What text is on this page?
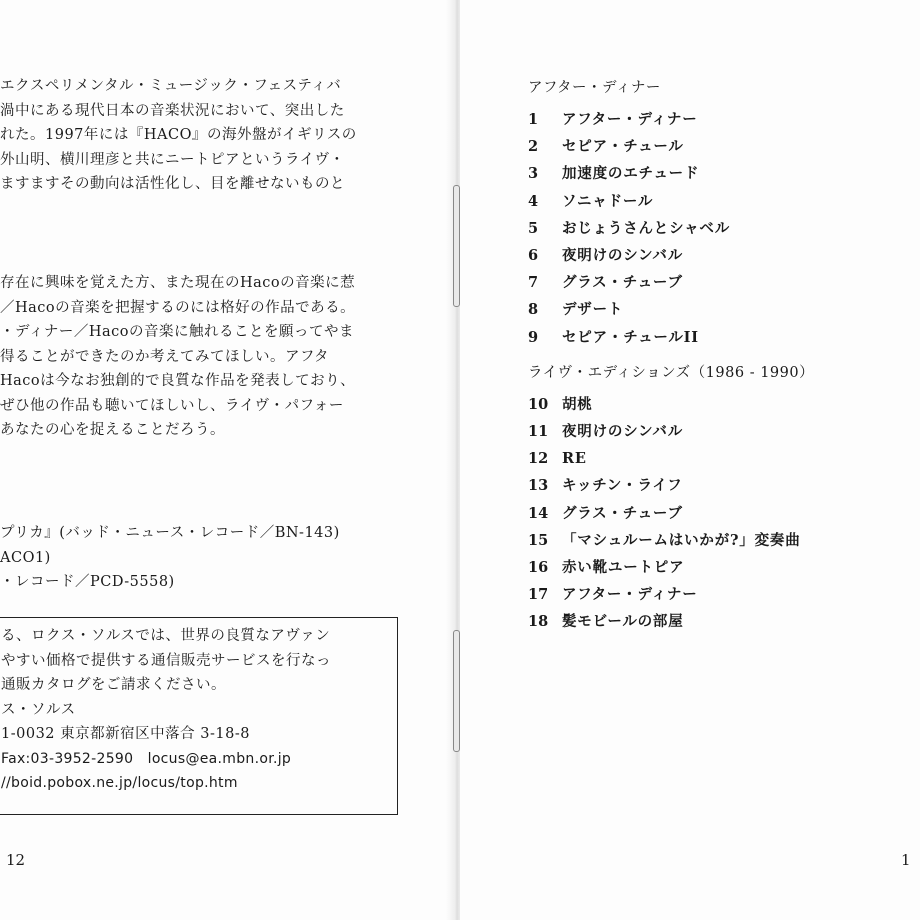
エクスペリメンタル・ミュージック・フェスティバ
渦中にある現代日本の音楽状況において、突出した
れた。1997年には『HACO』の海外盤がイギリスの
外山明、横川理彦と共にニートピアというライヴ・
ますますその動向は活性化し、目を離せないものと
存在に興味を覚えた方、また現在のHacoの音楽に惹
／Hacoの音楽を把握するのには格好の作品である。
・ディナー／Hacoの音楽に触れることを願ってやま
得ることができたのか考えてみてほしい。アフタ
Hacoは今なお独創的で良質な作品を発表しており、
ぜひ他の作品も聴いてほしいし、ライヴ・パフォー
あなたの心を捉えることだろう。
プリカ』(バッド・ニュース・レコード／BN-143)
ACO1)
・レコード／PCD-5558)
る、ロクス・ソルスでは、世界の良質なアヴァン
やすい価格で提供する通信販売サービスを行なっ
通販カタログをご請求ください。
ス・ソルス
1-0032 東京都新宿区中落合 3-18-8
Fax:03-3952-2590　locus@ea.mbn.or.jp
//boid.pobox.ne.jp/locus/top.htm
12
アフター・ディナー
1	アフター・ディナー
2	セピア・チュール
3	加速度のエチュード
4	ソニャドール
5	おじょうさんとシャベル
6	夜明けのシンバル
7	グラス・チューブ
8	デザート
9	セピア・チュールII
ライヴ・エディションズ（1986 - 1990）
10 胡桃
11 夜明けのシンバル
12 RE
13 キッチン・ライフ
14 グラス・チューブ
15 「マシュルームはいかが?」変奏曲
16 赤い靴ユートピア
17 アフター・ディナー
18 髪モビールの部屋
1
